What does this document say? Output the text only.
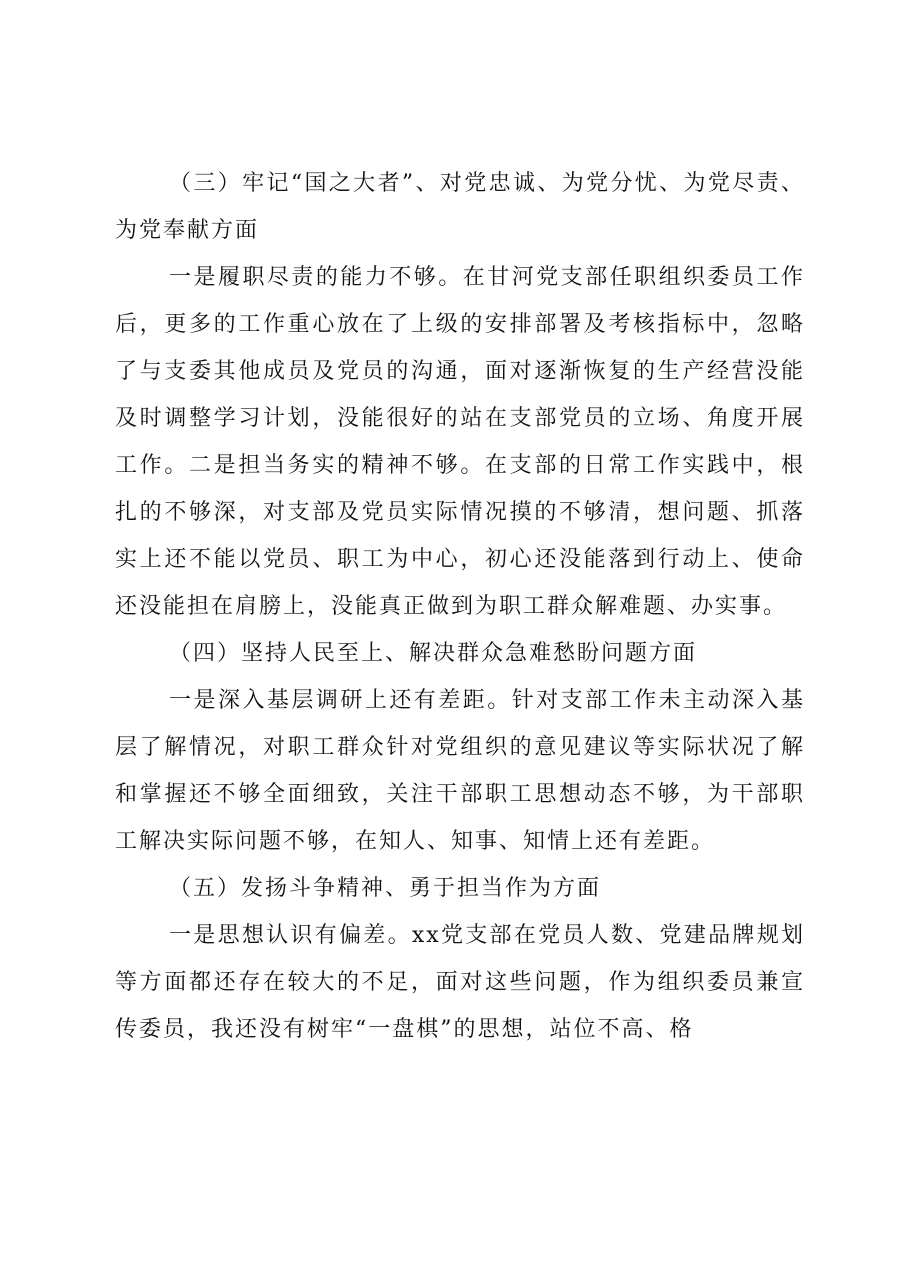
（三）牢记“国之大者”、对党忠诚、为党分忧、为党尽责、为党奉献方面

一是履职尽责的能力不够。在甘河党支部任职组织委员工作后，更多的工作重心放在了上级的安排部署及考核指标中，忽略了与支委其他成员及党员的沟通，面对逐渐恢复的生产经营没能及时调整学习计划，没能很好的站在支部党员的立场、角度开展工作。二是担当务实的精神不够。在支部的日常工作实践中，根扎的不够深，对支部及党员实际情况摸的不够清，想问题、抓落实上还不能以党员、职工为中心，初心还没能落到行动上、使命还没能担在肩膀上，没能真正做到为职工群众解难题、办实事。

（四）坚持人民至上、解决群众急难愁盼问题方面

一是深入基层调研上还有差距。针对支部工作未主动深入基层了解情况，对职工群众针对党组织的意见建议等实际状况了解和掌握还不够全面细致，关注干部职工思想动态不够，为干部职工解决实际问题不够，在知人、知事、知情上还有差距。

（五）发扬斗争精神、勇于担当作为方面

一是思想认识有偏差。xx党支部在党员人数、党建品牌规划等方面都还存在较大的不足，面对这些问题，作为组织委员兼宣传委员，我还没有树牢“一盘棋”的思想，站位不高、格
